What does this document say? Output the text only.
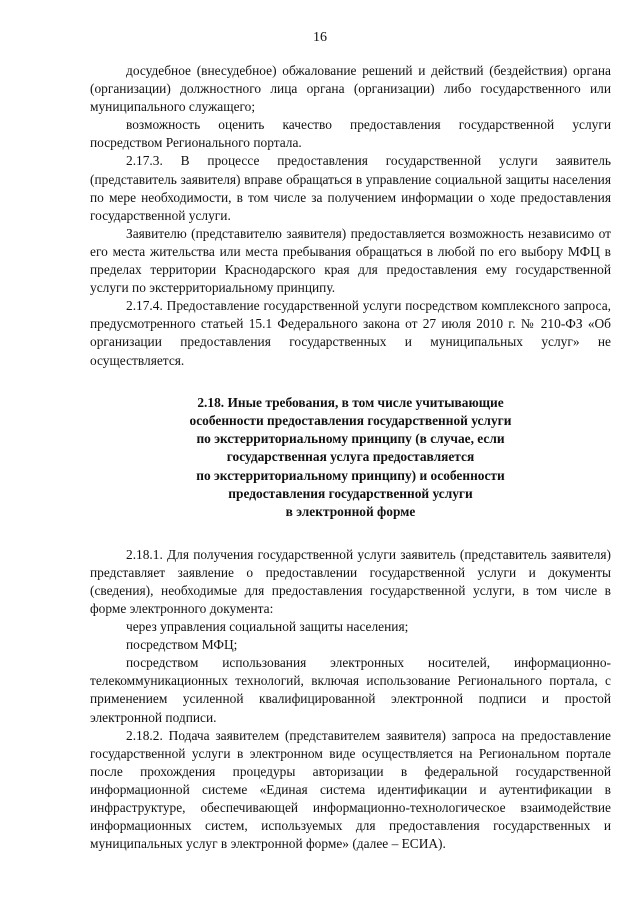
16

досудебное (внесудебное) обжалование решений и действий (бездействия) органа (организации) должностного лица органа (организации) либо государственного или муниципального служащего;

возможность оценить качество предоставления государственной услуги посредством Регионального портала.

2.17.3. В процессе предоставления государственной услуги заявитель (представитель заявителя) вправе обращаться в управление социальной защиты населения по мере необходимости, в том числе за получением информации о ходе предоставления государственной услуги.

Заявителю (представителю заявителя) предоставляется возможность независимо от его места жительства или места пребывания обращаться в любой по его выбору МФЦ в пределах территории Краснодарского края для предоставления ему государственной услуги по экстерриториальному принципу.

2.17.4. Предоставление государственной услуги посредством комплексного запроса, предусмотренного статьей 15.1 Федерального закона от 27 июля 2010 г. № 210-ФЗ «Об организации предоставления государственных и муниципальных услуг» не осуществляется.

2.18. Иные требования, в том числе учитывающие
особенности предоставления государственной услуги
по экстерриториальному принципу (в случае, если
государственная услуга предоставляется
по экстерриториальному принципу) и особенности
предоставления государственной услуги
в электронной форме

2.18.1. Для получения государственной услуги заявитель (представитель заявителя) представляет заявление о предоставлении государственной услуги и документы (сведения), необходимые для предоставления государственной услуги, в том числе в форме электронного документа:

через управления социальной защиты населения;

посредством МФЦ;

посредством использования электронных носителей, информационно-телекоммуникационных технологий, включая использование Регионального портала, с применением усиленной квалифицированной электронной подписи и простой электронной подписи.

2.18.2. Подача заявителем (представителем заявителя) запроса на предоставление государственной услуги в электронном виде осуществляется на Региональном портале после прохождения процедуры авторизации в федеральной государственной информационной системе «Единая система идентификации и аутентификации в инфраструктуре, обеспечивающей информационно-технологическое взаимодействие информационных систем, используемых для предоставления государственных и муниципальных услуг в электронной форме» (далее – ЕСИА).
